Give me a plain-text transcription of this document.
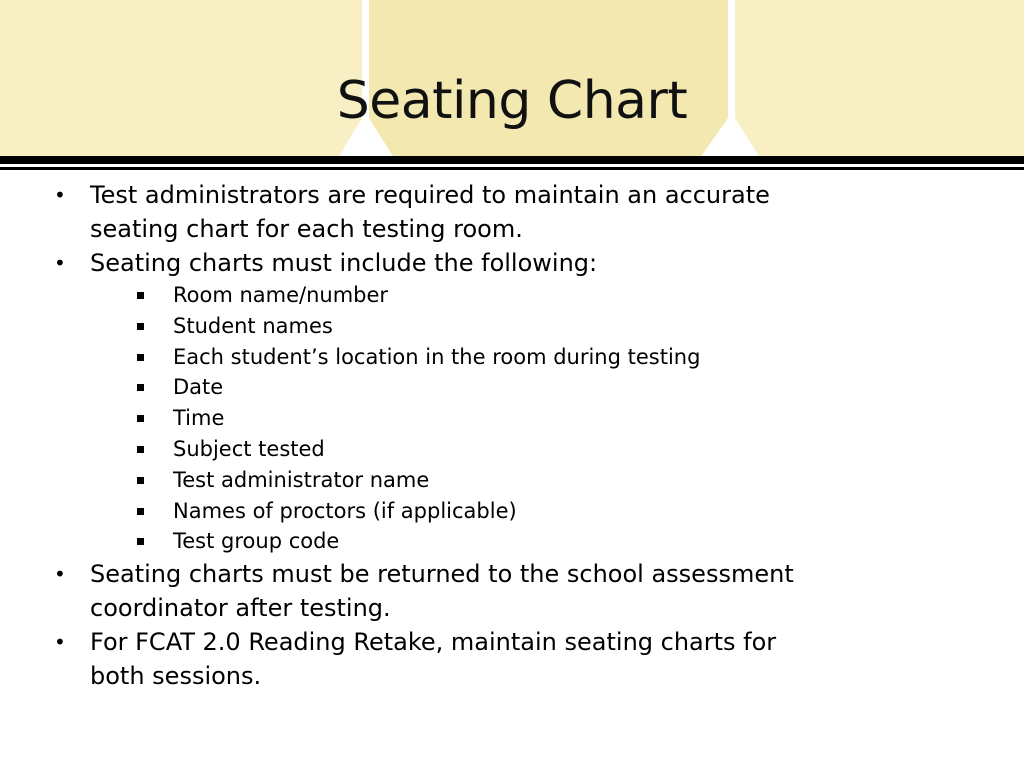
Seating Chart
• Test administrators are required to maintain an accurate seating chart for each testing room.
• Seating charts must include the following:
Room name/number
Student names
Each student’s location in the room during testing
Date
Time
Subject tested
Test administrator name
Names of proctors (if applicable)
Test group code
• Seating charts must be returned to the school assessment coordinator after testing.
• For FCAT 2.0 Reading Retake, maintain seating charts for both sessions.
